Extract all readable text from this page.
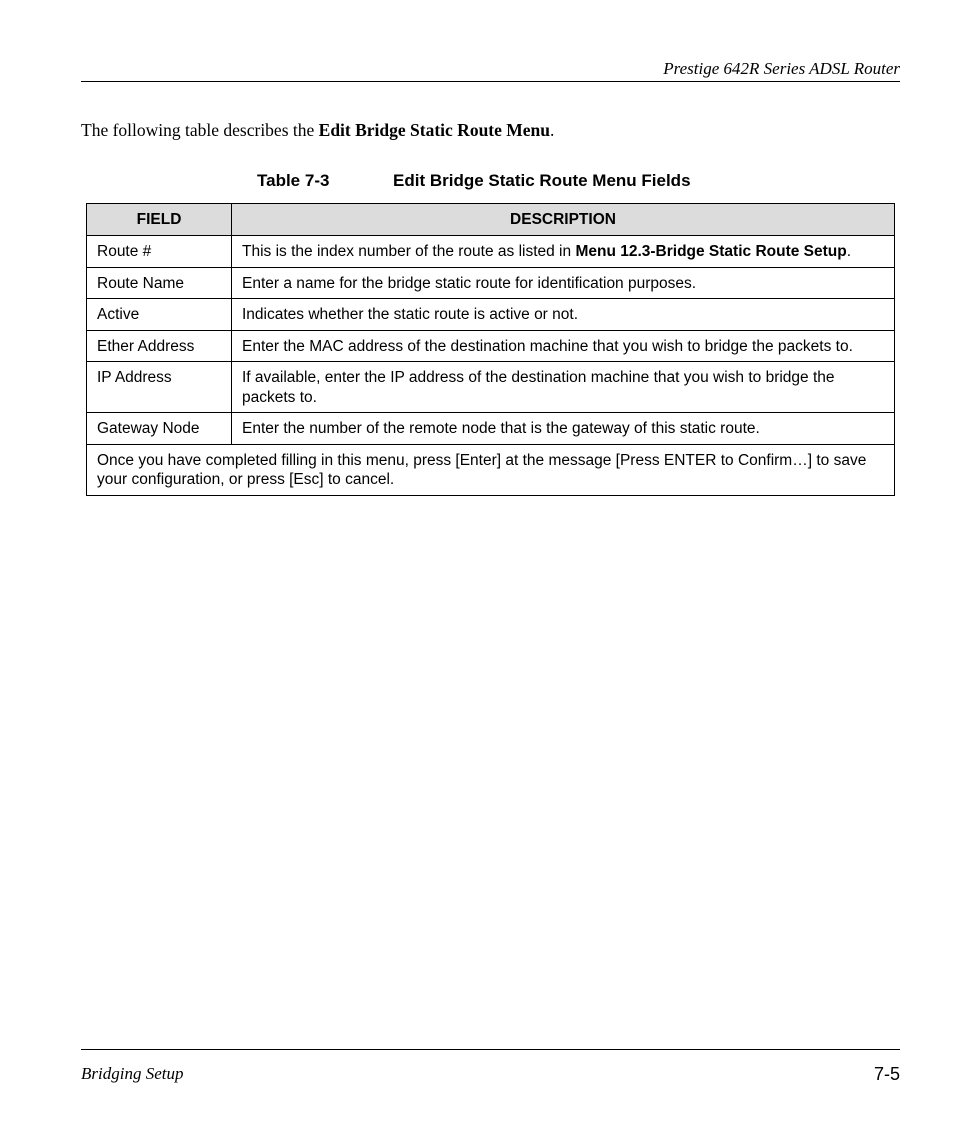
Prestige 642R Series ADSL Router

The following table describes the Edit Bridge Static Route Menu.

Table 7-3	Edit Bridge Static Route Menu Fields
FIELD	DESCRIPTION
Route #	This is the index number of the route as listed in Menu 12.3-Bridge Static Route Setup.
Route Name	Enter a name for the bridge static route for identification purposes.
Active	Indicates whether the static route is active or not.
Ether Address	Enter the MAC address of the destination machine that you wish to bridge the packets to.
IP Address	If available, enter the IP address of the destination machine that you wish to bridge the packets to.
Gateway Node	Enter the number of the remote node that is the gateway of this static route.
Once you have completed filling in this menu, press [Enter] at the message [Press ENTER to Confirm…] to save your configuration, or press [Esc] to cancel.	
Bridging Setup	7-5
